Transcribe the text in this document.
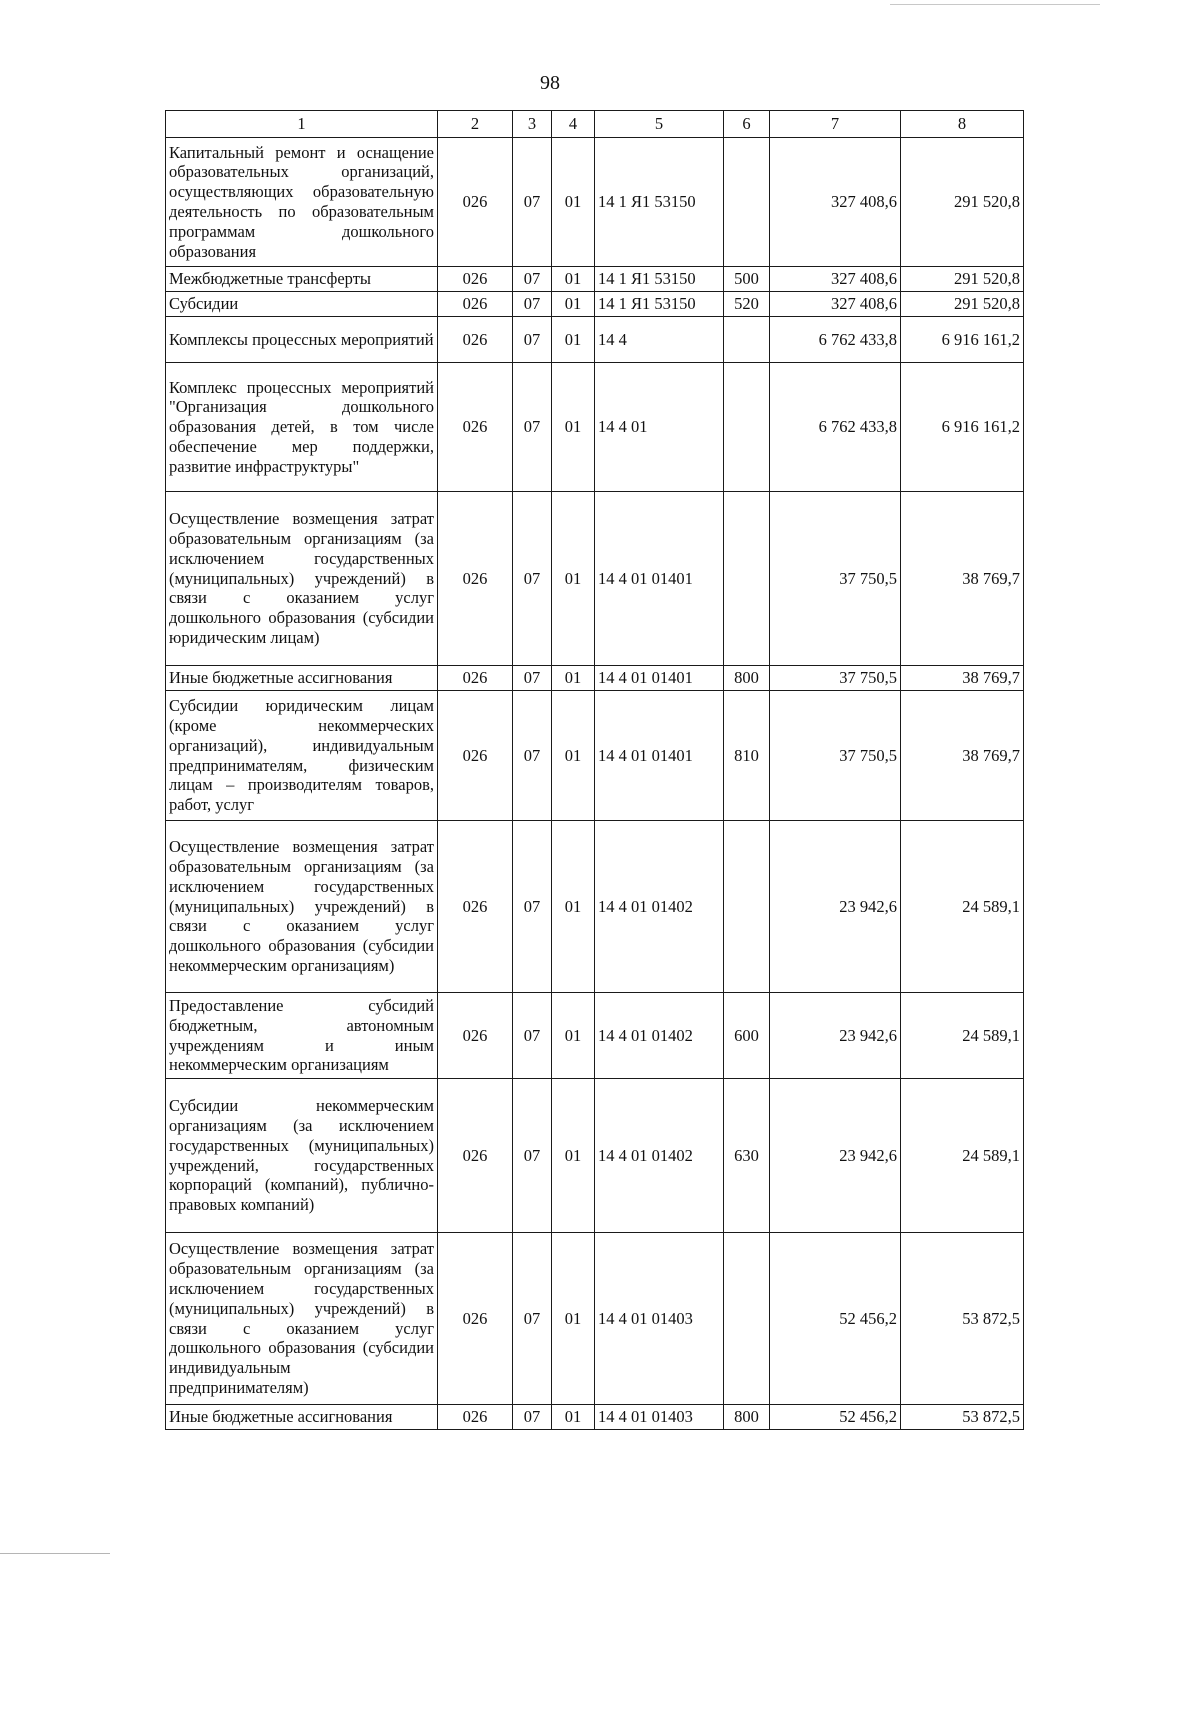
98
1	2	3	4	5	6	7	8
Капитальный ремонт и оснащение образовательных организаций, осуществляющих образовательную деятельность по образовательным программам дошкольного образования	026	07	01	14 1 Я1 53150		327 408,6	291 520,8
Межбюджетные трансферты	026	07	01	14 1 Я1 53150	500	327 408,6	291 520,8
Субсидии	026	07	01	14 1 Я1 53150	520	327 408,6	291 520,8
Комплексы процессных мероприятий	026	07	01	14 4		6 762 433,8	6 916 161,2
Комплекс процессных мероприятий "Организация дошкольного образования детей, в том числе обеспечение мер поддержки, развитие инфраструктуры"	026	07	01	14 4 01		6 762 433,8	6 916 161,2
Осуществление возмещения затрат образовательным организациям (за исключением государственных (муниципальных) учреждений) в связи с оказанием услуг дошкольного образования (субсидии юридическим лицам)	026	07	01	14 4 01 01401		37 750,5	38 769,7
Иные бюджетные ассигнования	026	07	01	14 4 01 01401	800	37 750,5	38 769,7
Субсидии юридическим лицам (кроме некоммерческих организаций), индивидуальным предпринимателям, физическим лицам – производителям товаров, работ, услуг	026	07	01	14 4 01 01401	810	37 750,5	38 769,7
Осуществление возмещения затрат образовательным организациям (за исключением государственных (муниципальных) учреждений) в связи с оказанием услуг дошкольного образования (субсидии некоммерческим организациям)	026	07	01	14 4 01 01402		23 942,6	24 589,1
Предоставление субсидий бюджетным, автономным учреждениям и иным некоммерческим организациям	026	07	01	14 4 01 01402	600	23 942,6	24 589,1
Субсидии некоммерческим организациям (за исключением государственных (муниципальных) учреждений, государственных корпораций (компаний), публично-правовых компаний)	026	07	01	14 4 01 01402	630	23 942,6	24 589,1
Осуществление возмещения затрат образовательным организациям (за исключением государственных (муниципальных) учреждений) в связи с оказанием услуг дошкольного образования (субсидии индивидуальным предпринимателям)	026	07	01	14 4 01 01403		52 456,2	53 872,5
Иные бюджетные ассигнования	026	07	01	14 4 01 01403	800	52 456,2	53 872,5
